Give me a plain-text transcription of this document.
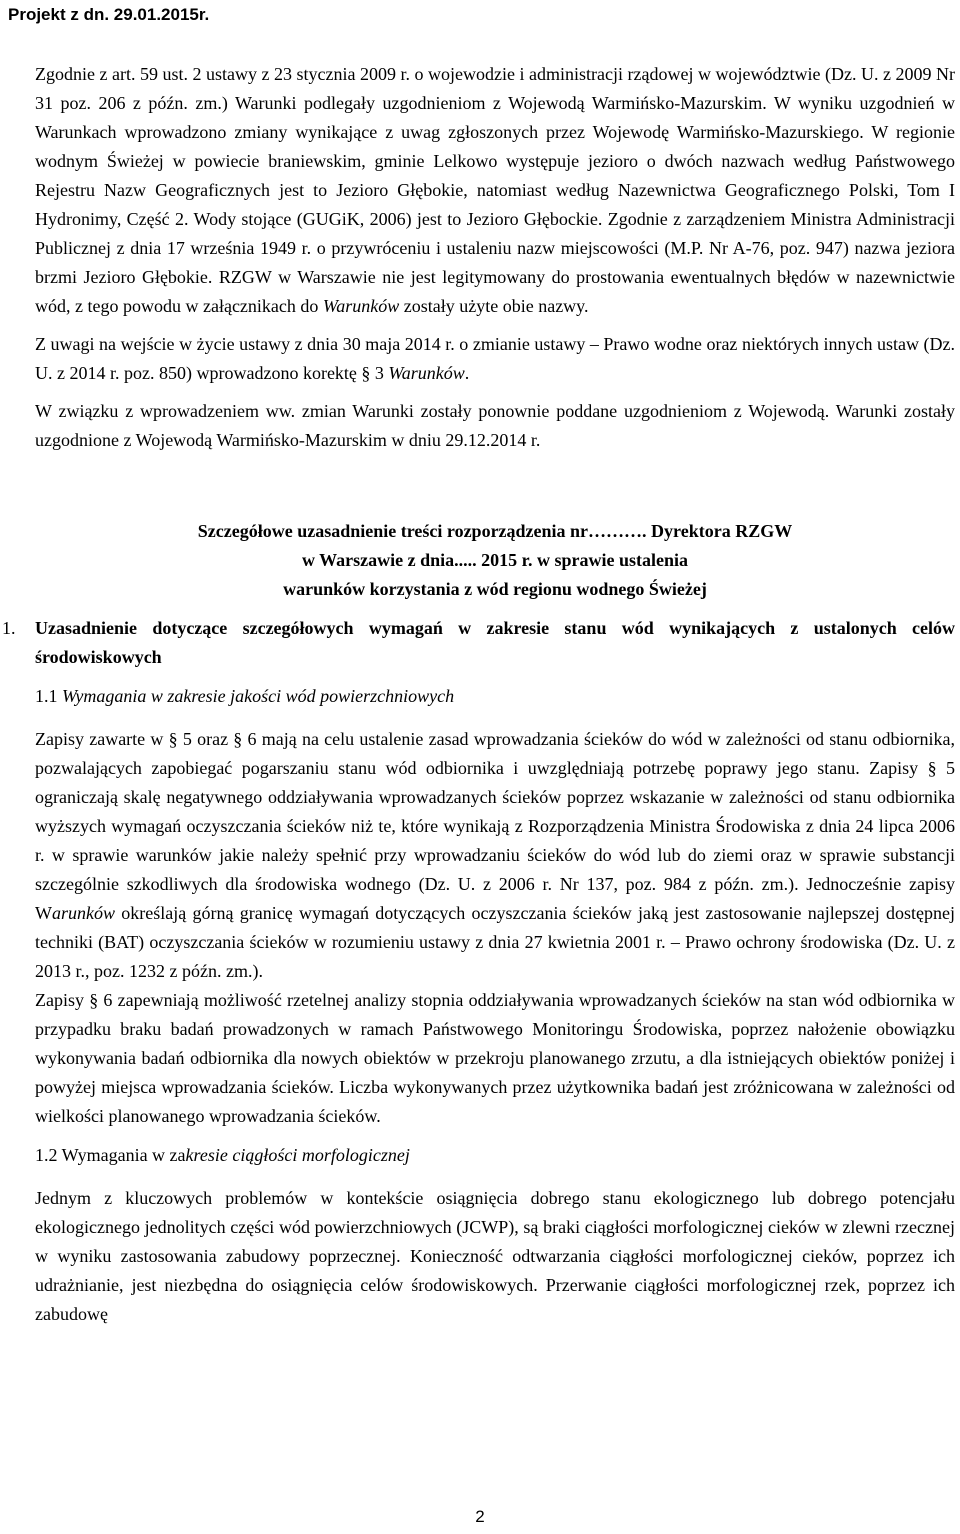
Projekt z dn. 29.01.2015r.

Zgodnie z art. 59 ust. 2 ustawy z 23 stycznia 2009 r. o wojewodzie i administracji rządowej w województwie (Dz. U. z 2009 Nr 31 poz. 206 z późn. zm.) Warunki podlegały uzgodnieniom z Wojewodą Warmińsko-Mazurskim. W wyniku uzgodnień w Warunkach wprowadzono zmiany wynikające z uwag zgłoszonych przez Wojewodę Warmińsko-Mazurskiego. W regionie wodnym Świeżej w powiecie braniewskim, gminie Lelkowo występuje jezioro o dwóch nazwach według Państwowego Rejestru Nazw Geograficznych jest to Jezioro Głębokie, natomiast według Nazewnictwa Geograficznego Polski, Tom I Hydronimy, Część 2. Wody stojące (GUGiK, 2006) jest to Jezioro Głębockie. Zgodnie z zarządzeniem Ministra Administracji Publicznej z dnia 17 września 1949 r. o przywróceniu i ustaleniu nazw miejscowości (M.P. Nr A-76, poz. 947) nazwa jeziora brzmi Jezioro Głębokie. RZGW w Warszawie nie jest legitymowany do prostowania ewentualnych błędów w nazewnictwie wód, z tego powodu w załącznikach do Warunków zostały użyte obie nazwy.

Z uwagi na wejście w życie ustawy z dnia 30 maja 2014 r. o zmianie ustawy – Prawo wodne oraz niektórych innych ustaw (Dz. U. z 2014 r. poz. 850) wprowadzono korektę § 3 Warunków.

W związku z wprowadzeniem ww. zmian Warunki zostały ponownie poddane uzgodnieniom z Wojewodą. Warunki zostały uzgodnione z Wojewodą Warmińsko-Mazurskim w dniu 29.12.2014 r.

Szczegółowe uzasadnienie treści rozporządzenia nr………. Dyrektora RZGW
w Warszawie z dnia..... 2015 r. w sprawie ustalenia
warunków korzystania z wód regionu wodnego Świeżej
1. Uzasadnienie dotyczące szczegółowych wymagań w zakresie stanu wód wynikających z ustalonych celów środowiskowych
1.1 Wymagania w zakresie jakości wód powierzchniowych

Zapisy zawarte w § 5 oraz § 6 mają na celu ustalenie zasad wprowadzania ścieków do wód w zależności od stanu odbiornika, pozwalających zapobiegać pogarszaniu stanu wód odbiornika i uwzględniają potrzebę poprawy jego stanu. Zapisy § 5 ograniczają skalę negatywnego oddziaływania wprowadzanych ścieków poprzez wskazanie w zależności od stanu odbiornika wyższych wymagań oczyszczania ścieków niż te, które wynikają z Rozporządzenia Ministra Środowiska z dnia 24 lipca 2006 r. w sprawie warunków jakie należy spełnić przy wprowadzaniu ścieków do wód lub do ziemi oraz w sprawie substancji szczególnie szkodliwych dla środowiska wodnego (Dz. U. z 2006 r. Nr 137, poz. 984 z późn. zm.). Jednocześnie zapisy Warunków określają górną granicę wymagań dotyczących oczyszczania ścieków jaką jest zastosowanie najlepszej dostępnej techniki (BAT) oczyszczania ścieków w rozumieniu ustawy z dnia 27 kwietnia 2001 r. – Prawo ochrony środowiska (Dz. U. z 2013 r., poz. 1232 z późn. zm.).

Zapisy § 6 zapewniają możliwość rzetelnej analizy stopnia oddziaływania wprowadzanych ścieków na stan wód odbiornika w przypadku braku badań prowadzonych w ramach Państwowego Monitoringu Środowiska, poprzez nałożenie obowiązku wykonywania badań odbiornika dla nowych obiektów w przekroju planowanego zrzutu, a dla istniejących obiektów poniżej i powyżej miejsca wprowadzania ścieków. Liczba wykonywanych przez użytkownika badań jest zróżnicowana w zależności od wielkości planowanego wprowadzania ścieków.

1.2 Wymagania w zakresie ciągłości morfologicznej

Jednym z kluczowych problemów w kontekście osiągnięcia dobrego stanu ekologicznego lub dobrego potencjału ekologicznego jednolitych części wód powierzchniowych (JCWP), są braki ciągłości morfologicznej cieków w zlewni rzecznej w wyniku zastosowania zabudowy poprzecznej. Konieczność odtwarzania ciągłości morfologicznej cieków, poprzez ich udrażnianie, jest niezbędna do osiągnięcia celów środowiskowych. Przerwanie ciągłości morfologicznej rzek, poprzez ich zabudowę

2
